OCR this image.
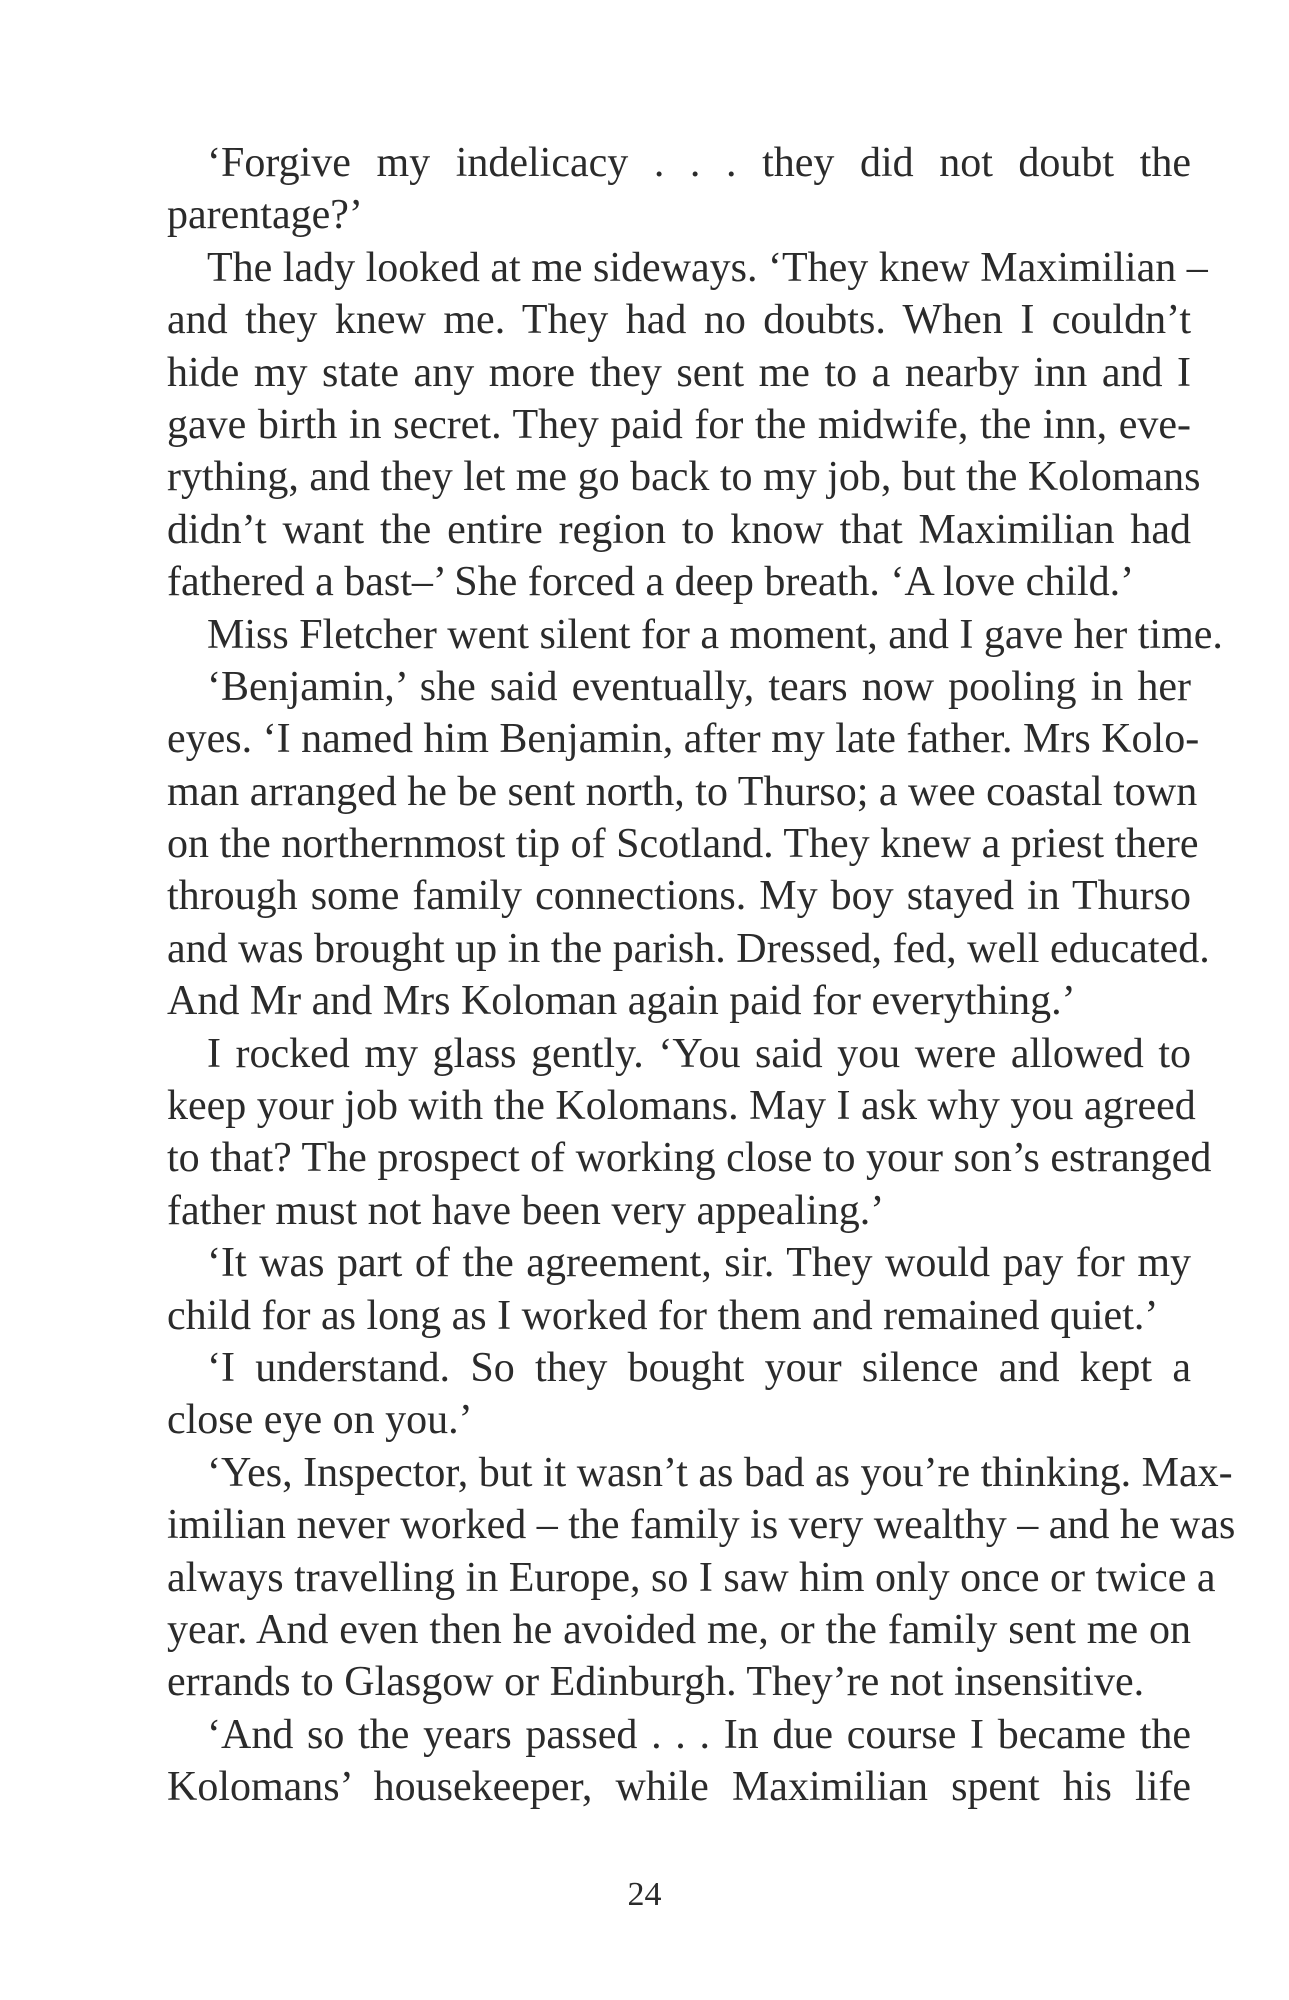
‘Forgive my indelicacy . . . they did not doubt the
parentage?’
The lady looked at me sideways. ‘They knew Maximilian –
and they knew me. They had no doubts. When I couldn’t
hide my state any more they sent me to a nearby inn and I
gave birth in secret. They paid for the midwife, the inn, eve-
rything, and they let me go back to my job, but the Kolomans
didn’t want the entire region to know that Maximilian had
fathered a bast–’ She forced a deep breath. ‘A love child.’
Miss Fletcher went silent for a moment, and I gave her time.
‘Benjamin,’ she said eventually, tears now pooling in her
eyes. ‘I named him Benjamin, after my late father. Mrs Kolo-
man arranged he be sent north, to Thurso; a wee coastal town
on the northernmost tip of Scotland. They knew a priest there
through some family connections. My boy stayed in Thurso
and was brought up in the parish. Dressed, fed, well educated.
And Mr and Mrs Koloman again paid for everything.’
I rocked my glass gently. ‘You said you were allowed to
keep your job with the Kolomans. May I ask why you agreed
to that? The prospect of working close to your son’s estranged
father must not have been very appealing.’
‘It was part of the agreement, sir. They would pay for my
child for as long as I worked for them and remained quiet.’
‘I understand. So they bought your silence and kept a
close eye on you.’
‘Yes, Inspector, but it wasn’t as bad as you’re thinking. Max-
imilian never worked – the family is very wealthy – and he was
always travelling in Europe, so I saw him only once or twice a
year. And even then he avoided me, or the family sent me on
errands to Glasgow or Edinburgh. They’re not insensitive.
‘And so the years passed . . . In due course I became the
Kolomans’ housekeeper, while Maximilian spent his life
24
